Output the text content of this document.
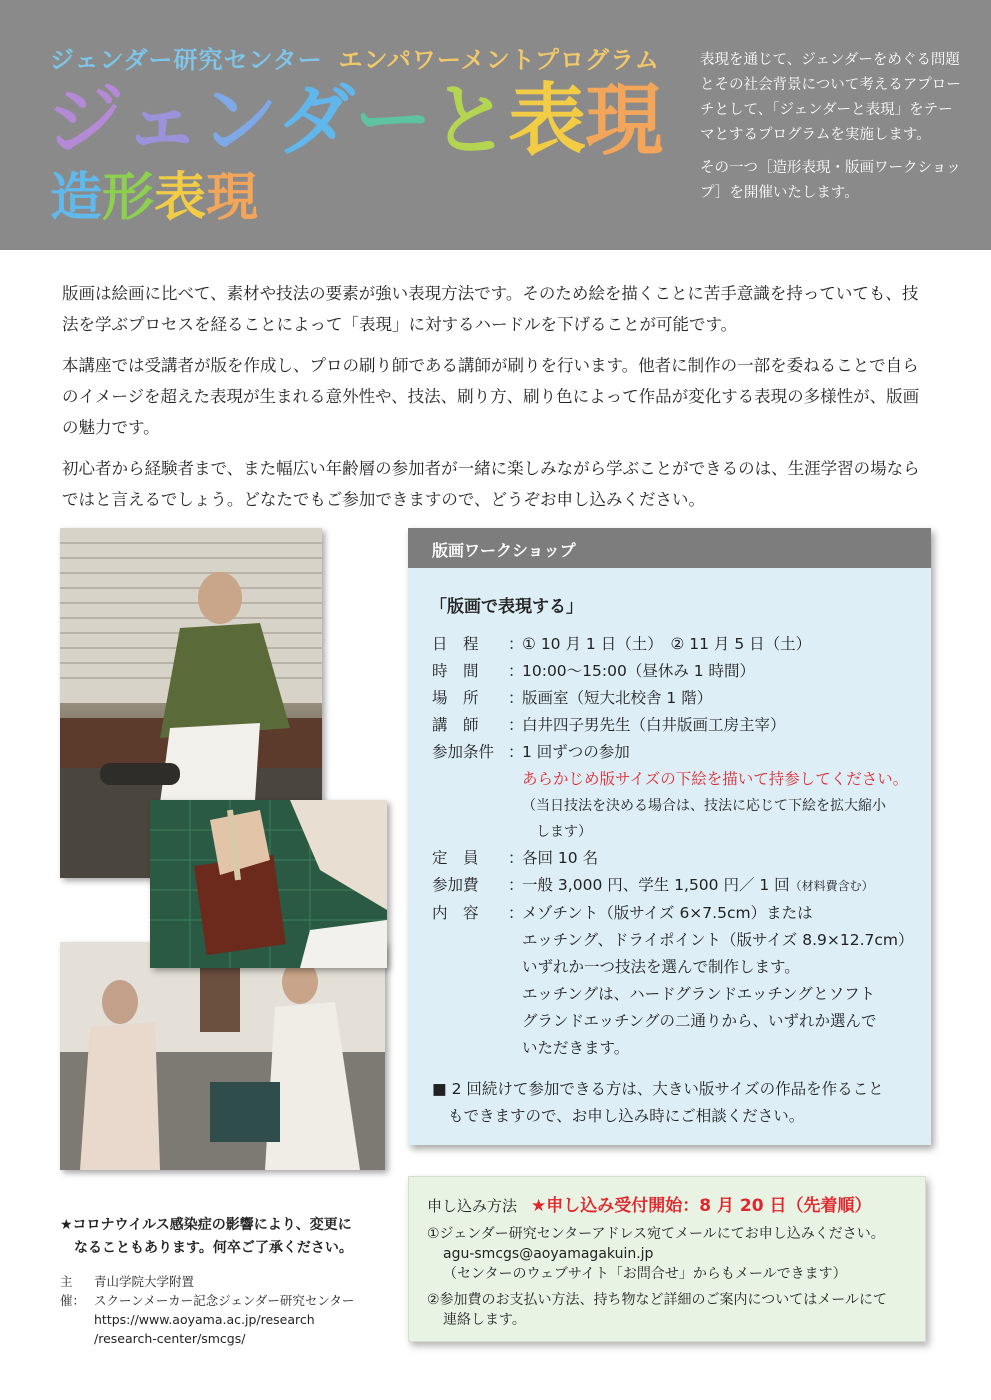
ジェンダー研究センター エンパワーメントプログラム
ジェンダーと表現
造形表現

表現を通じて、ジェンダーをめぐる問題とその社会背景について考えるアプローチとして、「ジェンダーと表現」をテーマとするプログラムを実施します。

その一つ［造形表現・版画ワークショップ］を開催いたします。

版画は絵画に比べて、素材や技法の要素が強い表現方法です。そのため絵を描くことに苦手意識を持っていても、技法を学ぶプロセスを経ることによって「表現」に対するハードルを下げることが可能です。

本講座では受講者が版を作成し、プロの刷り師である講師が刷りを行います。他者に制作の一部を委ねることで自らのイメージを超えた表現が生まれる意外性や、技法、刷り方、刷り色によって作品が変化する表現の多様性が、版画の魅力です。

初心者から経験者まで、また幅広い年齢層の参加者が一緒に楽しみながら学ぶことができるのは、生涯学習の場ならではと言えるでしょう。どなたでもご参加できますので、どうぞお申し込みください。

版画ワークショップ
「版画で表現する」
日　程	：
① 10 月 1 日（土）　② 11 月 5 日（土）
時　間	：
10:00〜15:00（昼休み 1 時間）
場　所	：
版画室（短大北校舎 1 階）
講　師	：
白井四子男先生（白井版画工房主宰）
参加条件 ：
1 回ずつの参加
あらかじめ版サイズの下絵を描いて持参してください。
（当日技法を決める場合は、技法に応じて下絵を拡大縮小
　します）
定　員	：
各回 10 名
参加費	：
一般 3,000 円、学生 1,500 円／ 1 回（材料費含む）
内　容	：
メゾチント（版サイズ 6×7.5cm）または
エッチング、ドライポイント（版サイズ 8.9×12.7cm）
いずれか一つ技法を選んで制作します。
エッチングは、ハードグランドエッチングとソフト
グランドエッチングの二通りから、いずれか選んで
いただきます。
■ 2 回続けて参加できる方は、大きい版サイズの作品を作ること
もできますので、お申し込み時にご相談ください。
申し込み方法 ★申し込み受付開始：8 月 20 日（先着順）
①ジェンダー研究センターアドレス宛てメールにてお申し込みください。
agu-smcgs@aoyamagakuin.jp
（センターのウェブサイト「お問合せ」からもメールできます）
②参加費のお支払い方法、持ち物など詳細のご案内についてはメールにて
連絡します。
★コロナウイルス感染症の影響により、変更に
なることもあります。何卒ご了承ください。
主催：
青山学院大学附置
スクーンメーカー記念ジェンダー研究センター
https://www.aoyama.ac.jp/research
/research-center/smcgs/
